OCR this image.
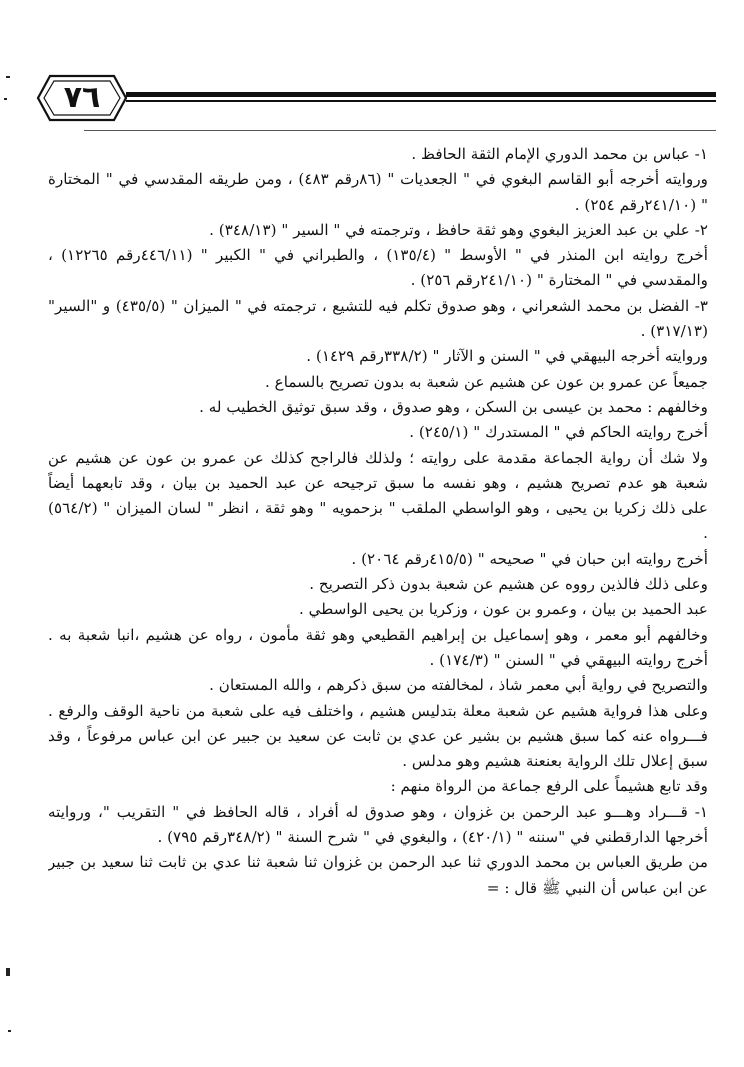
٧٦

١- عباس بن محمد الدوري الإمام الثقة الحافظ .

وروايته أخرجه أبو القاسم البغوي في " الجعديات " (٨٦رقم ٤٨٣) ، ومن طريقه المقدسي في " المختارة

" (٢٤١/١٠رقم ٢٥٤) .

٢- علي بن عبد العزيز البغوي وهو ثقة حافظ ، وترجمته في " السير " (٣٤٨/١٣) .

أخرج روايته ابن المنذر في " الأوسط " (١٣٥/٤) ، والطبراني في " الكبير " (٤٤٦/١١رقم ١٢٢٦٥) ،

والمقدسي في " المختارة " (٢٤١/١٠رقم ٢٥٦) .

٣- الفضل بن محمد الشعراني ، وهو صدوق تكلم فيه للتشيع ، ترجمته في " الميزان " (٤٣٥/٥) و "السير"

(٣١٧/١٣) .

وروايته أخرجه البيهقي في " السنن و الآثار " (٣٣٨/٢رقم ١٤٢٩) .

جميعاً عن عمرو بن عون عن هشيم عن شعبة به بدون تصريح بالسماع .

وخالفهم : محمد بن عيسى بن السكن ، وهو صدوق ، وقد سبق توثيق الخطيب له .

أخرج روايته الحاكم في " المستدرك " (٢٤٥/١) .

ولا شك أن رواية الجماعة مقدمة على روايته ؛ ولذلك فالراجح كذلك عن عمرو بن عون عن هشيم عن

شعبة هو عدم تصريح هشيم ، وهو نفسه ما سبق ترجيحه عن عبد الحميد بن بيان ، وقد تابعهما أيضاً

على ذلك زكريا بن يحيى ، وهو الواسطي الملقب " بزحمويه " وهو ثقة ، انظر " لسان الميزان " (٥٦٤/٢)

.

أخرج روايته ابن حبان في " صحيحه " (٤١٥/٥رقم ٢٠٦٤) .

وعلى ذلك فالذين رووه عن هشيم عن شعبة بدون ذكر التصريح .

عبد الحميد بن بيان ، وعمرو بن عون ، وزكريا بن يحيى الواسطي .

وخالفهم أبو معمر ، وهو إسماعيل بن إبراهيم القطيعي وهو ثقة مأمون ، رواه عن هشيم ،انبا شعبة به .

أخرج روايته البيهقي في " السنن " (١٧٤/٣) .

والتصريح في رواية أبي معمر شاذ ، لمخالفته من سبق ذكرهم ، والله المستعان .

وعلى هذا فرواية هشيم عن شعبة معلة بتدليس هشيم ، واختلف فيه على شعبة من ناحية الوقف والرفع .

فـــرواه عنه كما سبق هشيم بن بشير عن عدي بن ثابت عن سعيد بن جبير عن ابن عباس مرفوعاً ، وقد

سبق إعلال تلك الرواية بعنعنة هشيم وهو مدلس .

وقد تابع هشيماً على الرفع جماعة من الرواة منهم :

١- قـــراد وهـــو عبد الرحمن بن غزوان ، وهو صدوق له أفراد ، قاله الحافظ في " التقريب "، وروايته

أخرجها الدارقطني في "سننه " (٤٢٠/١) ، والبغوي في " شرح السنة " (٣٤٨/٢رقم ٧٩٥) .

من طريق العباس بن محمد الدوري ثنا عبد الرحمن بن غزوان ثنا شعبة ثنا عدي بن ثابت ثنا سعيد بن جبير

عن ابن عباس أن النبي ﷺ قال : =
